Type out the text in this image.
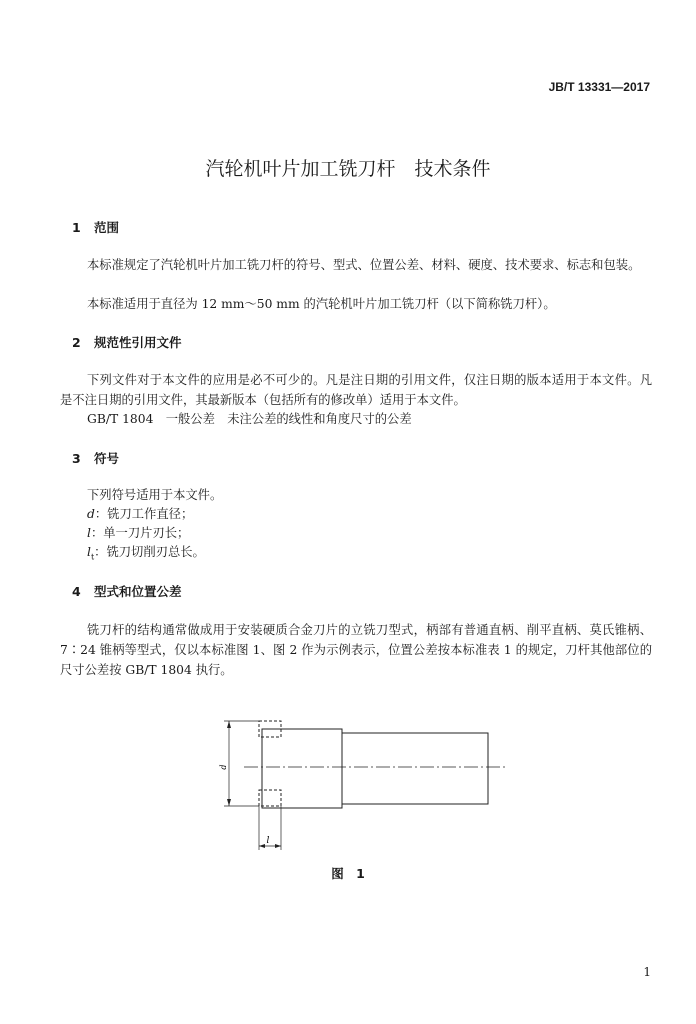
JB/T 13331—2017
汽轮机叶片加工铣刀杆　技术条件
1 范围

本标准规定了汽轮机叶片加工铣刀杆的符号、型式、位置公差、材料、硬度、技术要求、标志和包装。

本标准适用于直径为 12 mm～50 mm 的汽轮机叶片加工铣刀杆（以下简称铣刀杆）。

2 规范性引用文件

下列文件对于本文件的应用是必不可少的。凡是注日期的引用文件，仅注日期的版本适用于本文件。凡是不注日期的引用文件，其最新版本（包括所有的修改单）适用于本文件。

GB/T 1804　一般公差　未注公差的线性和角度尺寸的公差
3 符号
下列符号适用于本文件。
d：铣刀工作直径；
l：单一刀片刃长；
$l_t$：铣刀切削刃总长。
4 型式和位置公差

铣刀杆的结构通常做成用于安装硬质合金刀片的立铣刀型式，柄部有普通直柄、削平直柄、莫氏锥柄、7∶24 锥柄等型式，仅以本标准图 1、图 2 作为示例表示，位置公差按本标准表 1 的规定，刀杆其他部位的尺寸公差按 GB/T 1804 执行。

d
l
图 1
1
